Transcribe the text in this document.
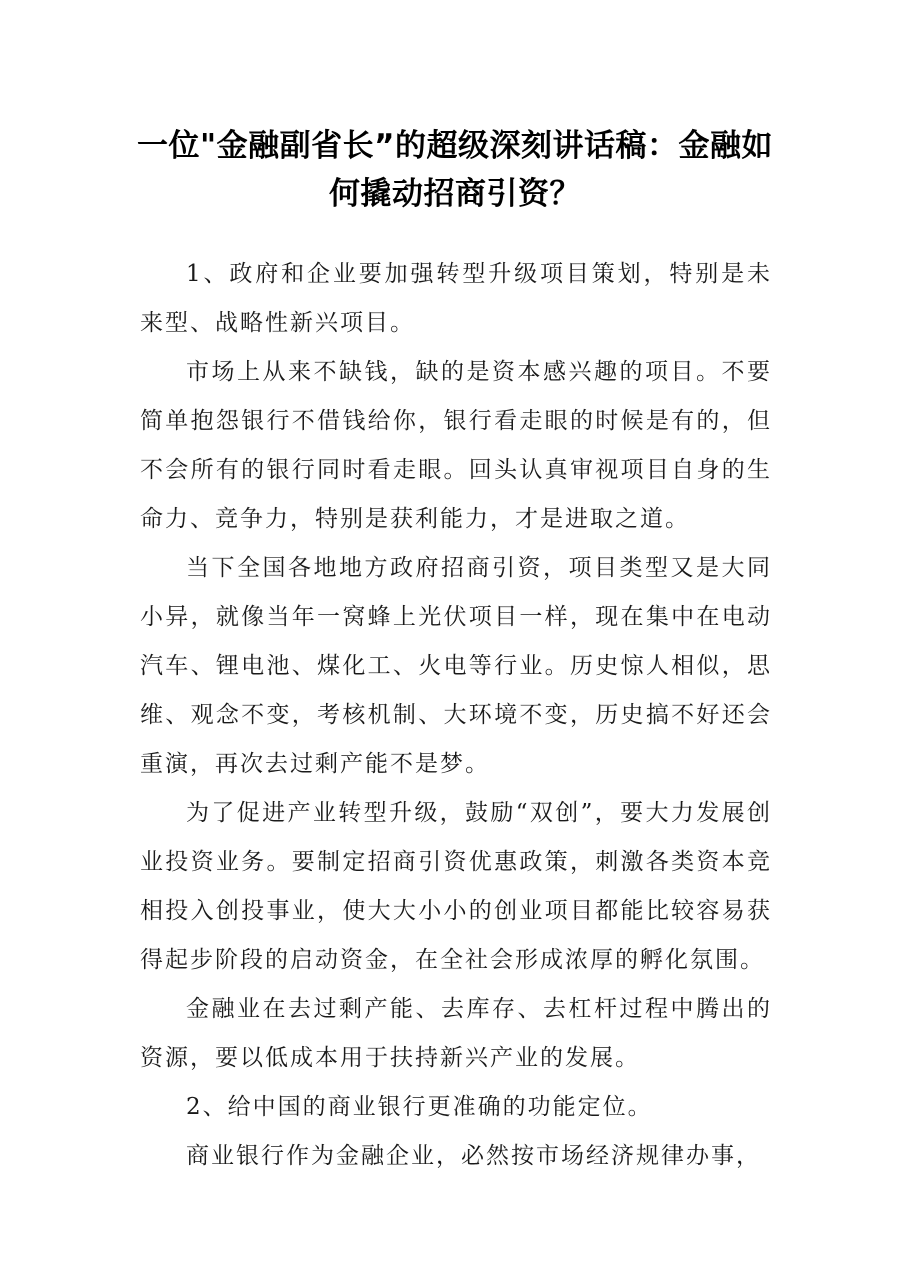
一位"金融副省长”的超级深刻讲话稿：金融如何撬动招商引资？

1、政府和企业要加强转型升级项目策划，特别是未来型、战略性新兴项目。

市场上从来不缺钱，缺的是资本感兴趣的项目。不要简单抱怨银行不借钱给你，银行看走眼的时候是有的，但不会所有的银行同时看走眼。回头认真审视项目自身的生命力、竞争力，特别是获利能力，才是进取之道。

当下全国各地地方政府招商引资，项目类型又是大同小异，就像当年一窝蜂上光伏项目一样，现在集中在电动汽车、锂电池、煤化工、火电等行业。历史惊人相似，思维、观念不变，考核机制、大环境不变，历史搞不好还会重演，再次去过剩产能不是梦。

为了促进产业转型升级，鼓励“双创”，要大力发展创业投资业务。要制定招商引资优惠政策，刺激各类资本竞相投入创投事业，使大大小小的创业项目都能比较容易获得起步阶段的启动资金，在全社会形成浓厚的孵化氛围。

金融业在去过剩产能、去库存、去杠杆过程中腾出的资源，要以低成本用于扶持新兴产业的发展。

2、给中国的商业银行更准确的功能定位。

商业银行作为金融企业，必然按市场经济规律办事，
